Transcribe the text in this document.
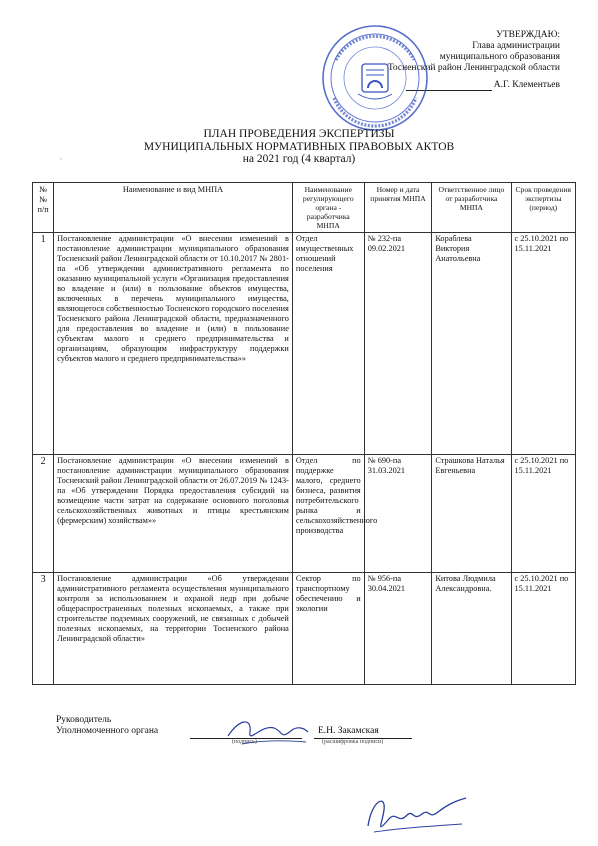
УТВЕРЖДАЮ:
Глава администрации
муниципального образования
Тосненский район Ленинградской области
А.Г. Клементьев
ПЛАН ПРОВЕДЕНИЯ ЭКСПЕРТИЗЫ
МУНИЦИПАЛЬНЫХ НОРМАТИВНЫХ ПРАВОВЫХ АКТОВ
на 2021 год (4 квартал)
‘
№ № п/п	Наименование и вид МНПА	Наименование регулирующего органа - разработчика МНПА	Номер и дата принятия МНПА	Ответственное лицо от разработчика МНПА	Срок проведения экспертизы (период)
1	Постановление администрации «О внесении изменений в постановление администрации муниципального образования Тосненский район Ленинградской области от 10.10.2017 № 2801-па «Об утверждении административного регламента по оказанию муниципальной услуги «Организация предоставления во владение и (или) в пользование объектов имущества, включенных в перечень муниципального имущества, являющегося собственностью Тосненского городского поселения Тосненского района Ленинградской области, предназначенного для предоставления во владение и (или) в пользование субъектам малого и среднего предпринимательства и организациям, образующим инфраструктуру поддержки субъектов малого и среднего предпринимательства»»	Отдел имущественных отношений поселения	№ 232-па 09.02.2021	Кораблева Виктория Анатольевна	с 25.10.2021 по 15.11.2021
2	Постановление администрации «О внесении изменений в постановление администрации муниципального образования Тосненский район Ленинградской области от 26.07.2019 № 1243-па «Об утверждении Порядка предоставления субсидий на возмещение части затрат на содержание основного поголовья сельскохозяйственных животных и птицы крестьянским (фермерским) хозяйствам»»	Отдел по поддержке малого, среднего бизнеса, развития потребительского рынка и сельскохозяйственного производства	№ 690-па 31.03.2021	Страшкова Наталья Евгеньевна	с 25.10.2021 по 15.11.2021
3	Постановление администрации «Об утверждении административного регламента осуществления муниципального контроля за использованием и охраной недр при добыче общераспространенных полезных ископаемых, а также при строительстве подземных сооружений, не связанных с добычей полезных ископаемых, на территории Тосненского района Ленинградской области»	Сектор по транспортному обеспечению и экологии	№ 956-па 30.04.2021	Китова Людмила Александровна.	с 25.10.2021 по 15.11.2021
Руководитель
Уполномоченного органа
(подпись)
Е.Н. Закамская
(расшифровка подписи)
